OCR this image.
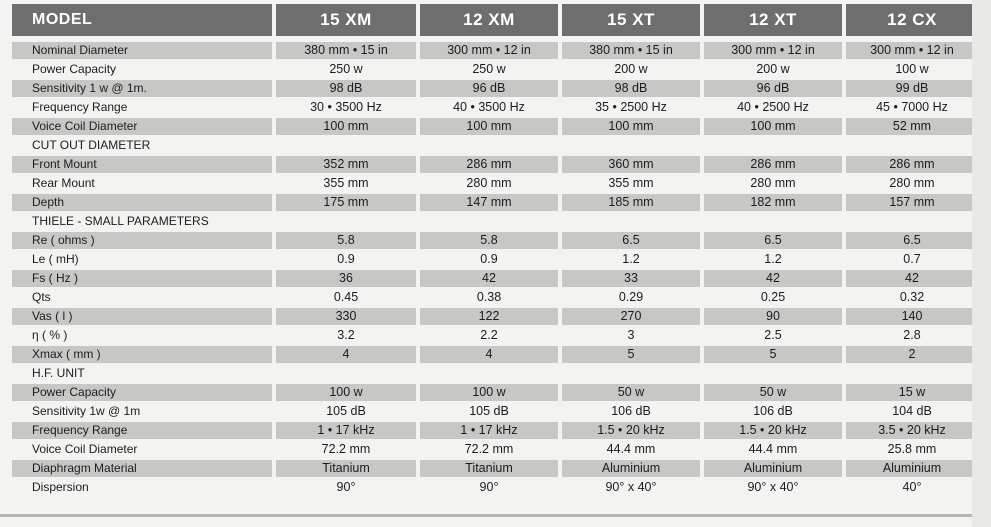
MODEL	15 XM	12 XM	15 XT	12 XT	12 CX
Nominal Diameter	380 mm • 15 in	300 mm • 12 in	380 mm • 15 in	300 mm • 12 in	300 mm • 12 in
Power Capacity	250 w	250 w	200 w	200 w	100 w
Sensitivity 1 w @ 1m.	98 dB	96 dB	98 dB	96 dB	99 dB
Frequency Range	30 • 3500 Hz	40 • 3500 Hz	35 • 2500 Hz	40 • 2500 Hz	45 • 7000 Hz
Voice Coil Diameter	100 mm	100 mm	100 mm	100 mm	52 mm
CUT OUT DIAMETER
Front Mount	352 mm	286 mm	360 mm	286 mm	286 mm
Rear Mount	355 mm	280 mm	355 mm	280 mm	280 mm
Depth	175 mm	147 mm	185 mm	182 mm	157 mm
THIELE - SMALL PARAMETERS
Re ( ohms )	5.8	5.8	6.5	6.5	6.5
Le ( mH)	0.9	0.9	1.2	1.2	0.7
Fs ( Hz )	36	42	33	42	42
Qts	0.45	0.38	0.29	0.25	0.32
Vas ( l )	330	122	270	90	140
η ( % )	3.2	2.2	3	2.5	2.8
Xmax ( mm )	4	4	5	5	2
H.F. UNIT
Power Capacity	100 w	100 w	50 w	50 w	15 w
Sensitivity 1w @ 1m	105 dB	105 dB	106 dB	106 dB	104 dB
Frequency Range	1 • 17 kHz	1 • 17 kHz	1.5 • 20 kHz	1.5 • 20 kHz	3.5 • 20 kHz
Voice Coil Diameter	72.2 mm	72.2 mm	44.4 mm	44.4 mm	25.8 mm
Diaphragm Material	Titanium	Titanium	Aluminium	Aluminium	Aluminium
Dispersion	90°	90°	90° x 40°	90° x 40°	40°
